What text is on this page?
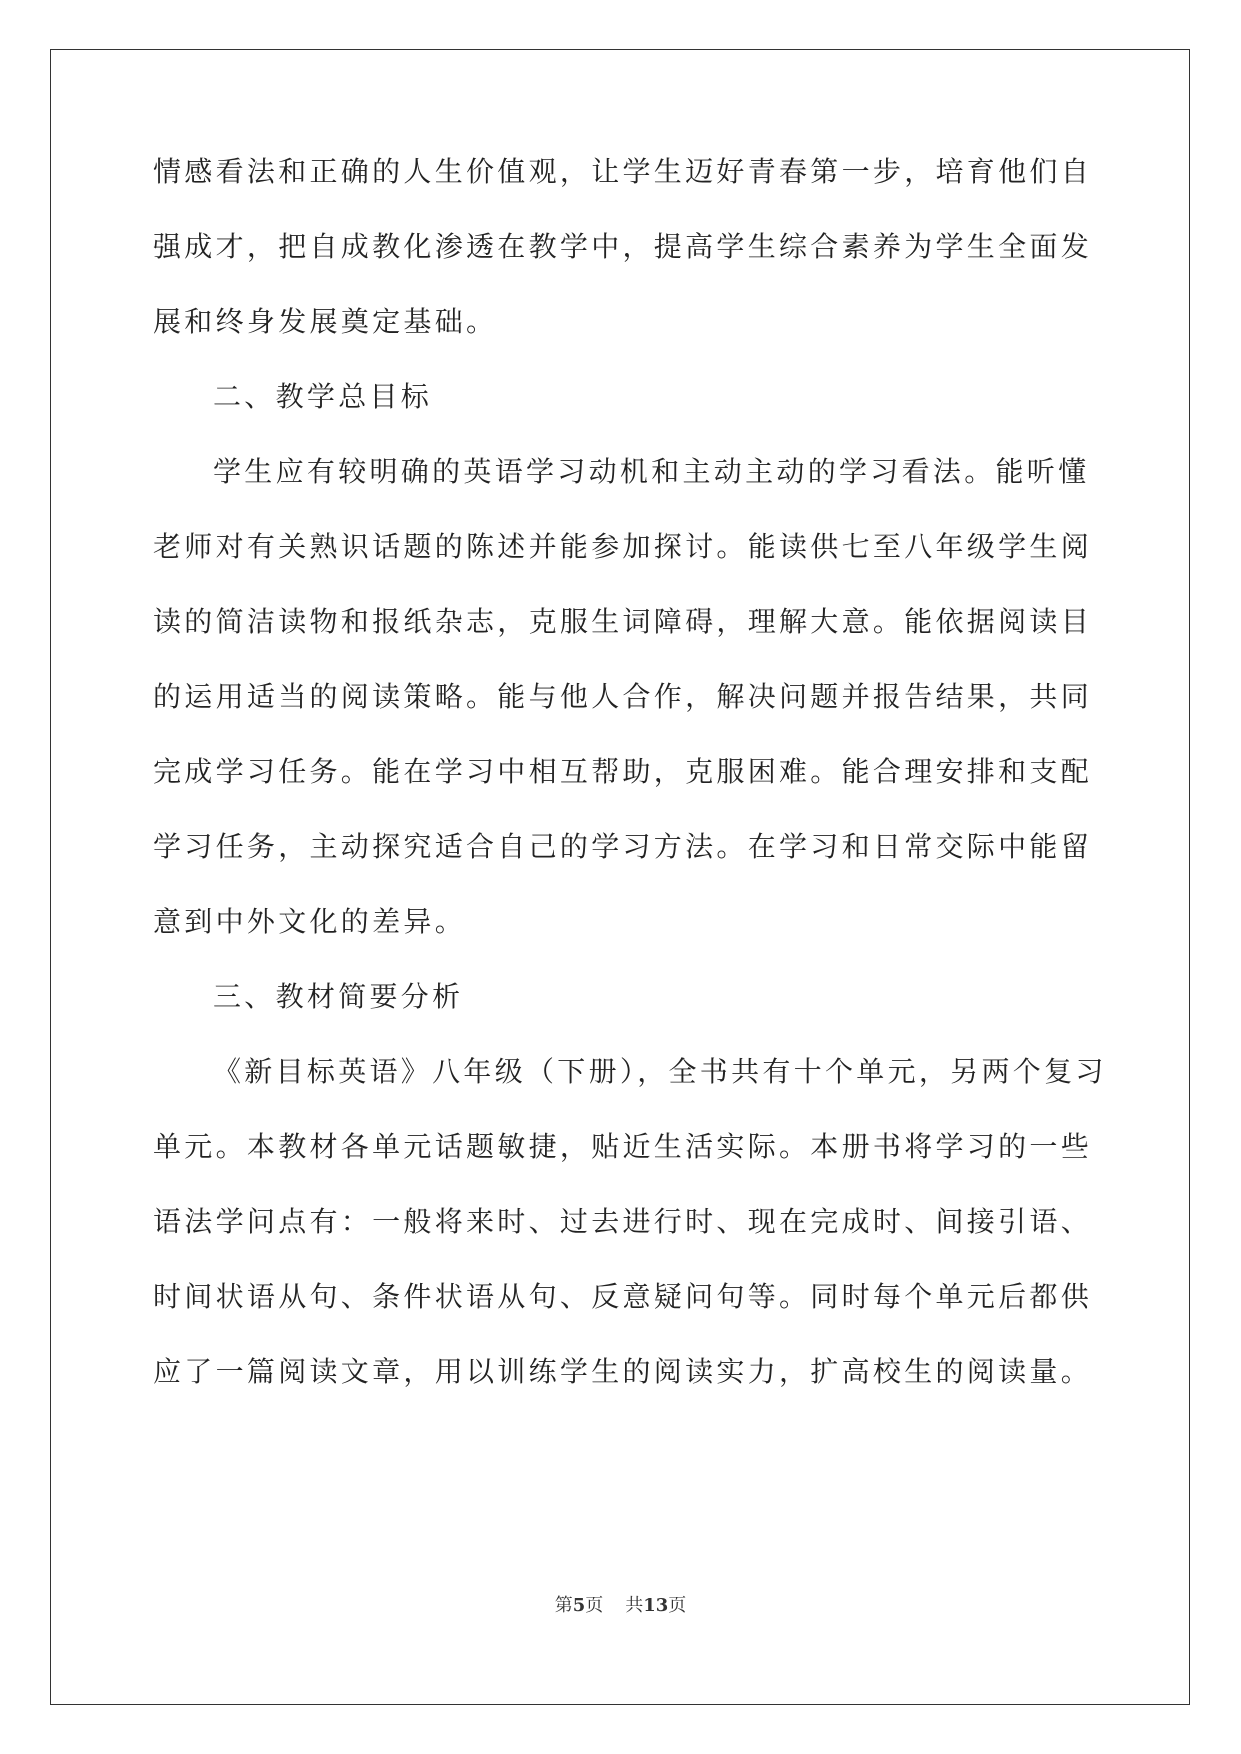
情感看法和正确的人生价值观，让学生迈好青春第一步，培育他们自
强成才，把自成教化渗透在教学中，提高学生综合素养为学生全面发
展和终身发展奠定基础。
二、教学总目标
学生应有较明确的英语学习动机和主动主动的学习看法。能听懂
老师对有关熟识话题的陈述并能参加探讨。能读供七至八年级学生阅
读的简洁读物和报纸杂志，克服生词障碍，理解大意。能依据阅读目
的运用适当的阅读策略。能与他人合作，解决问题并报告结果，共同
完成学习任务。能在学习中相互帮助，克服困难。能合理安排和支配
学习任务，主动探究适合自己的学习方法。在学习和日常交际中能留
意到中外文化的差异。
三、教材简要分析
《新目标英语》八年级（下册），全书共有十个单元，另两个复习
单元。本教材各单元话题敏捷，贴近生活实际。本册书将学习的一些
语法学问点有：一般将来时、过去进行时、现在完成时、间接引语、
时间状语从句、条件状语从句、反意疑问句等。同时每个单元后都供
应了一篇阅读文章，用以训练学生的阅读实力，扩高校生的阅读量。
第5页 共13页
